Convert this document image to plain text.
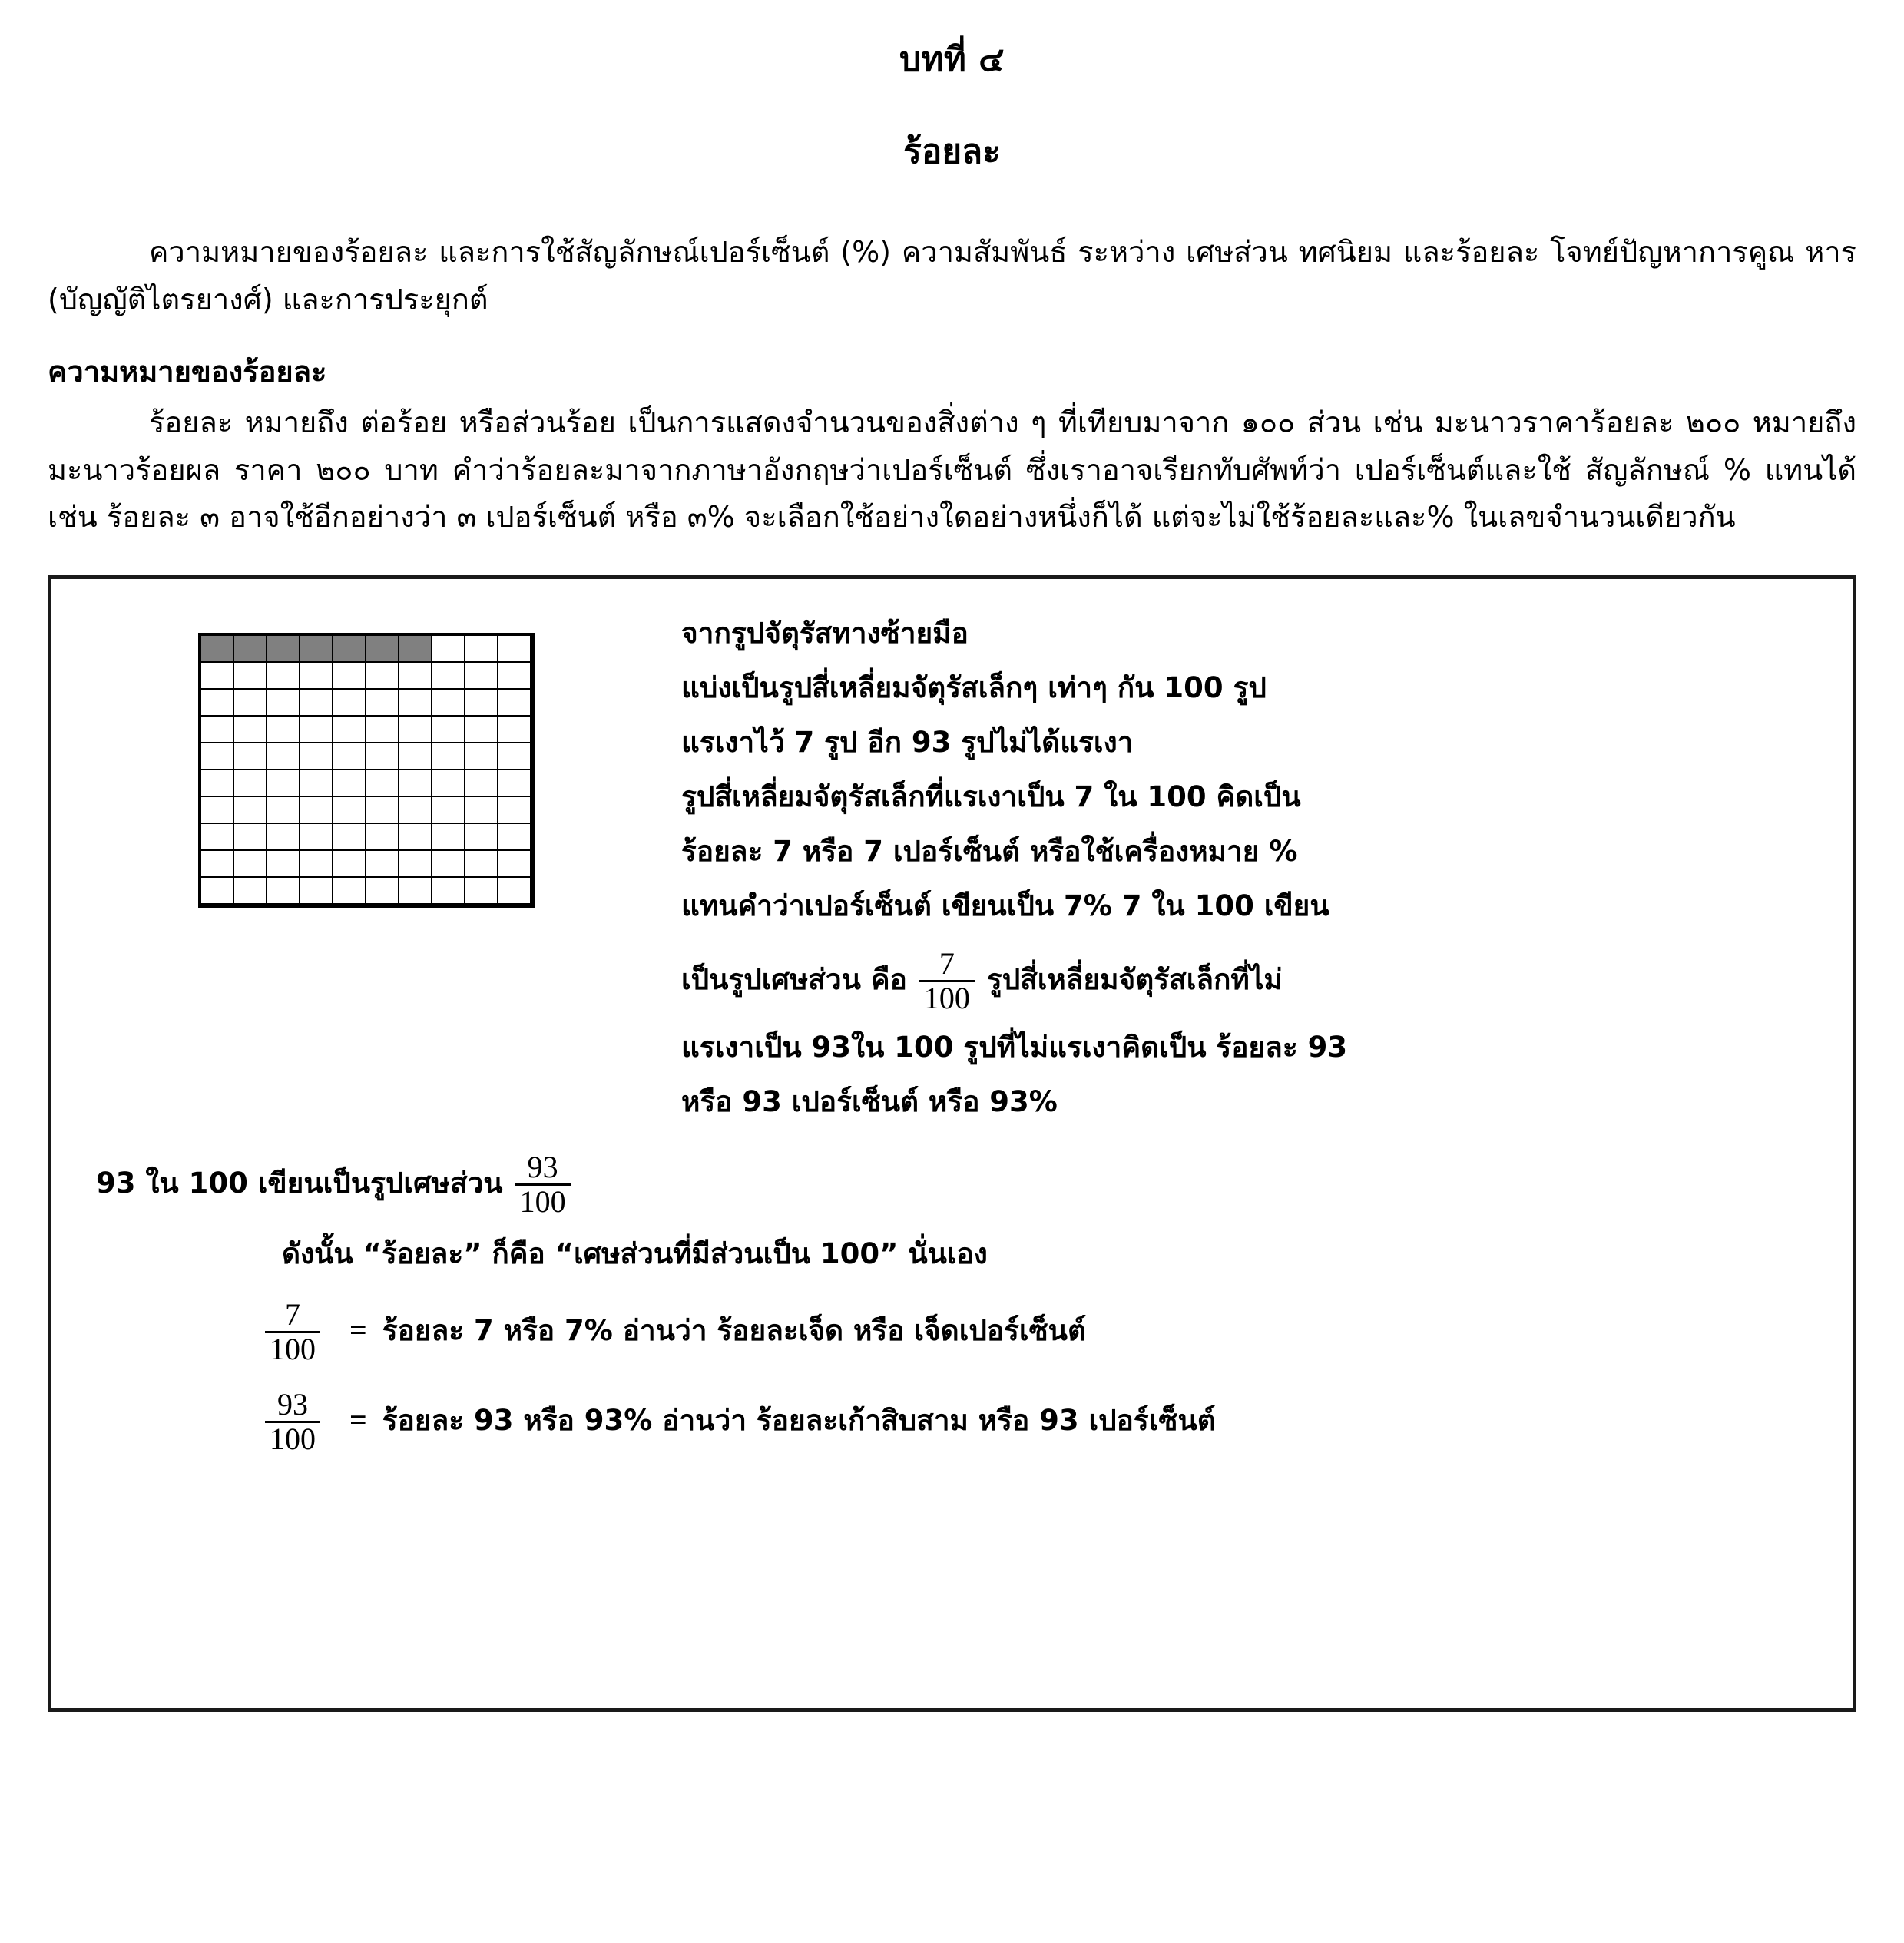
บทที่ ๔
ร้อยละ

ความหมายของร้อยละ และการใช้สัญลักษณ์เปอร์เซ็นต์ (%) ความสัมพันธ์ ระหว่าง เศษส่วน ทศนิยม และร้อยละ โจทย์ปัญหาการคูณ หาร (บัญญัติไตรยางศ์) และการประยุกต์

ความหมายของร้อยละ

ร้อยละ หมายถึง ต่อร้อย หรือส่วนร้อย เป็นการแสดงจำนวนของสิ่งต่าง ๆ ที่เทียบมาจาก ๑๐๐ ส่วน เช่น มะนาวราคาร้อยละ ๒๐๐ หมายถึง มะนาวร้อยผล ราคา ๒๐๐ บาท คำว่าร้อยละมาจากภาษาอังกฤษว่าเปอร์เซ็นต์ ซึ่งเราอาจเรียกทับศัพท์ว่า เปอร์เซ็นต์และใช้ สัญลักษณ์ % แทนได้ เช่น ร้อยละ ๓ อาจใช้อีกอย่างว่า ๓ เปอร์เซ็นต์ หรือ ๓% จะเลือกใช้อย่างใดอย่างหนึ่งก็ได้ แต่จะไม่ใช้ร้อยละและ% ในเลขจำนวนเดียวกัน

จากรูปจัตุรัสทางซ้ายมือ
แบ่งเป็นรูปสี่เหลี่ยมจัตุรัสเล็กๆ เท่าๆ กัน 100 รูป
แรเงาไว้ 7 รูป อีก 93 รูปไม่ได้แรเงา
รูปสี่เหลี่ยมจัตุรัสเล็กที่แรเงาเป็น 7 ใน 100 คิดเป็น
ร้อยละ 7 หรือ 7 เปอร์เซ็นต์ หรือใช้เครื่องหมาย %
แทนคำว่าเปอร์เซ็นต์ เขียนเป็น 7% 7 ใน 100 เขียน
เป็นรูปเศษส่วน คือ $\frac{7}{100}$ รูปสี่เหลี่ยมจัตุรัสเล็กที่ไม่
แรเงาเป็น 93ใน 100 รูปที่ไม่แรเงาคิดเป็น ร้อยละ 93
หรือ 93 เปอร์เซ็นต์ หรือ 93%
93 ใน 100 เขียนเป็นรูปเศษส่วน $\frac{93}{100}$
ดังนั้น “ร้อยละ” ก็คือ “เศษส่วนที่มีส่วนเป็น 100” นั่นเอง
$\frac{7}{100}$ = ร้อยละ 7 หรือ 7% อ่านว่า ร้อยละเจ็ด หรือ เจ็ดเปอร์เซ็นต์
$\frac{93}{100}$ = ร้อยละ 93 หรือ 93% อ่านว่า ร้อยละเก้าสิบสาม หรือ 93 เปอร์เซ็นต์
